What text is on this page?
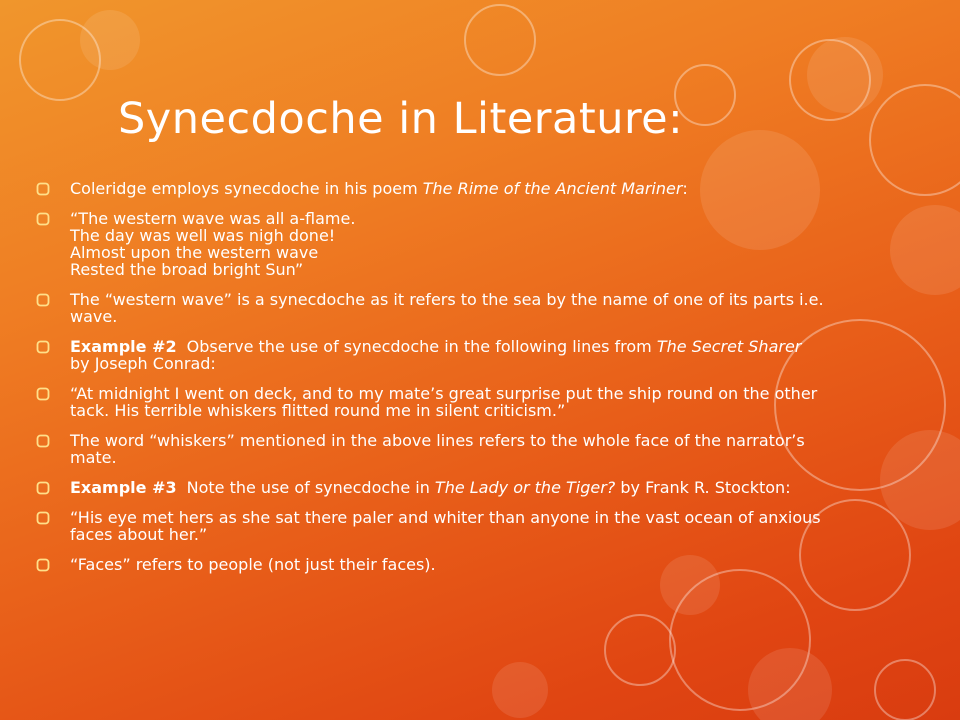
Synecdoche in Literature:
Coleridge employs synecdoche in his poem The Rime of the Ancient Mariner:
“The western wave was all a-flame.
The day was well was nigh done!
Almost upon the western wave
Rested the broad bright Sun”
The “western wave” is a synecdoche as it refers to the sea by the name of one of its parts i.e. wave.
Example #2 Observe the use of synecdoche in the following lines from The Secret Sharer by Joseph Conrad:
“At midnight I went on deck, and to my mate’s great surprise put the ship round on the other tack. His terrible whiskers flitted round me in silent criticism.”
The word “whiskers” mentioned in the above lines refers to the whole face of the narrator’s mate.
Example #3 Note the use of synecdoche in The Lady or the Tiger? by Frank R. Stockton:
“His eye met hers as she sat there paler and whiter than anyone in the vast ocean of anxious faces about her.”
“Faces” refers to people (not just their faces).
